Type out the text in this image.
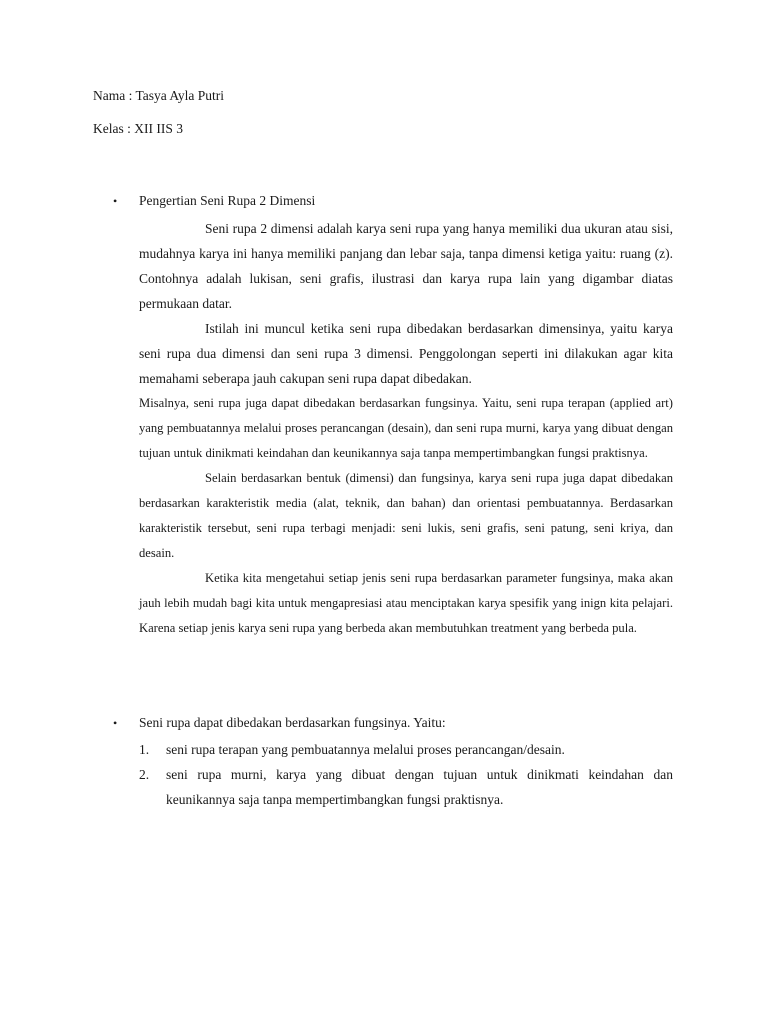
Nama : Tasya Ayla Putri

Kelas : XII IIS 3

• Pengertian Seni Rupa 2 Dimensi

Seni rupa 2 dimensi adalah karya seni rupa yang hanya memiliki dua ukuran atau sisi, mudahnya karya ini hanya memiliki panjang dan lebar saja, tanpa dimensi ketiga yaitu: ruang (z). Contohnya adalah lukisan, seni grafis, ilustrasi dan karya rupa lain yang digambar diatas permukaan datar.

Istilah ini muncul ketika seni rupa dibedakan berdasarkan dimensinya, yaitu karya seni rupa dua dimensi dan seni rupa 3 dimensi. Penggolongan seperti ini dilakukan agar kita memahami seberapa jauh cakupan seni rupa dapat dibedakan.

Misalnya, seni rupa juga dapat dibedakan berdasarkan fungsinya. Yaitu, seni rupa terapan (applied art) yang pembuatannya melalui proses perancangan (desain), dan seni rupa murni, karya yang dibuat dengan tujuan untuk dinikmati keindahan dan keunikannya saja tanpa mempertimbangkan fungsi praktisnya.

Selain berdasarkan bentuk (dimensi) dan fungsinya, karya seni rupa juga dapat dibedakan berdasarkan karakteristik media (alat, teknik, dan bahan) dan orientasi pembuatannya. Berdasarkan karakteristik tersebut, seni rupa terbagi menjadi: seni lukis, seni grafis, seni patung, seni kriya, dan desain.

Ketika kita mengetahui setiap jenis seni rupa berdasarkan parameter fungsinya, maka akan jauh lebih mudah bagi kita untuk mengapresiasi atau menciptakan karya spesifik yang inign kita pelajari. Karena setiap jenis karya seni rupa yang berbeda akan membutuhkan treatment yang berbeda pula.

• Seni rupa dapat dibedakan berdasarkan fungsinya. Yaitu:
1. seni rupa terapan yang pembuatannya melalui proses perancangan/desain.
2. seni rupa murni, karya yang dibuat dengan tujuan untuk dinikmati keindahan dan keunikannya saja tanpa mempertimbangkan fungsi praktisnya.
